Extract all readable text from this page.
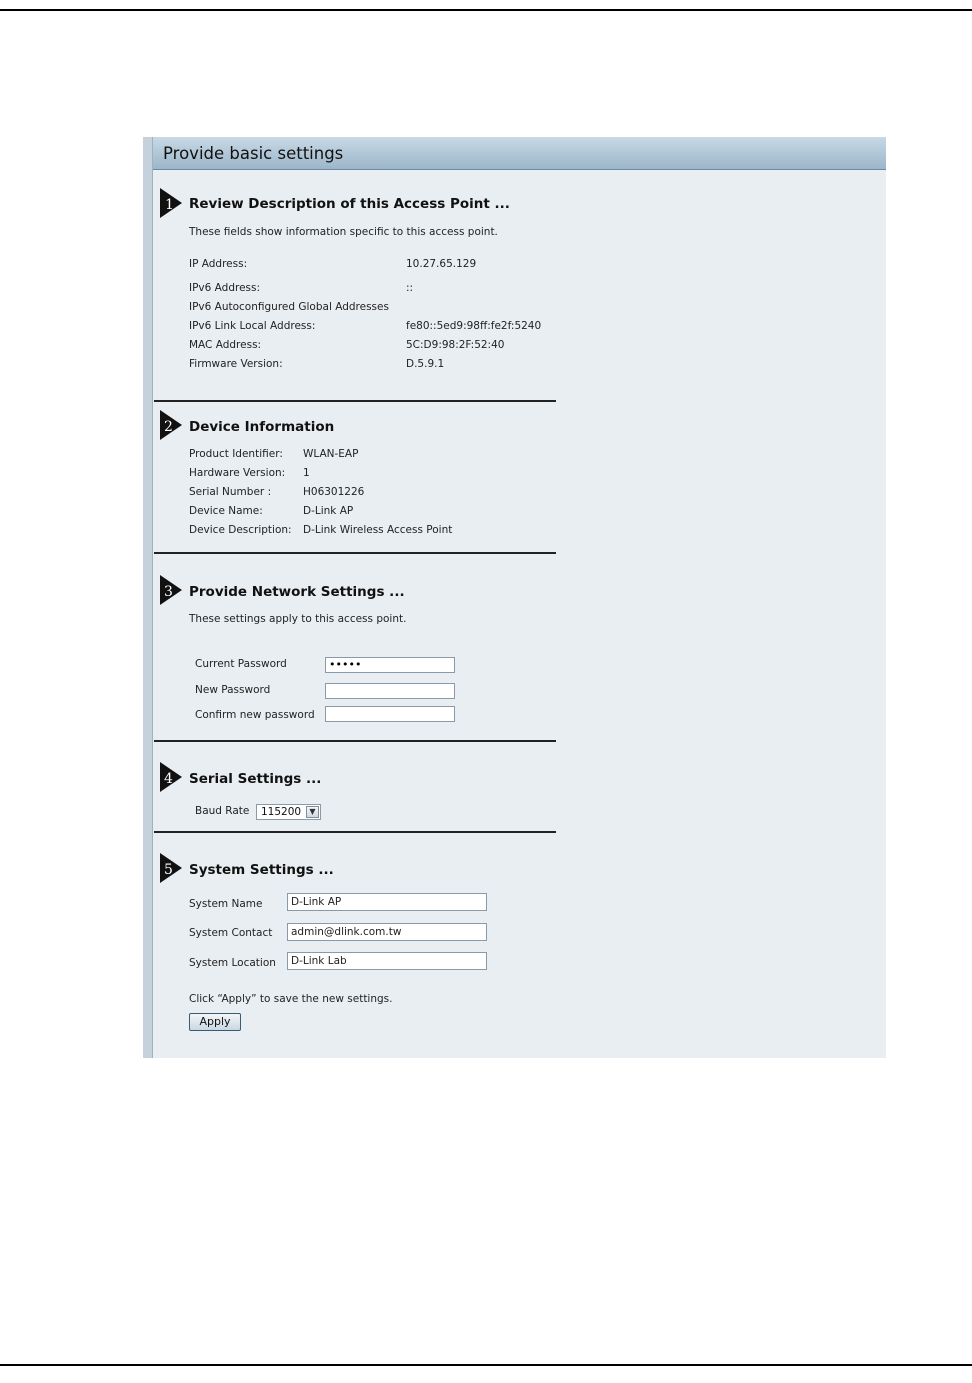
Provide basic settings
1 Review Description of this Access Point ...
These fields show information specific to this access point.
IP Address:	10.27.65.129
IPv6 Address:	::
IPv6 Autoconfigured Global Addresses
IPv6 Link Local Address:	fe80::5ed9:98ff:fe2f:5240
MAC Address:	5C:D9:98:2F:52:40
Firmware Version:	D.5.9.1
2 Device Information
Product Identifier: WLAN-EAP
Hardware Version: 1
Serial Number :	H06301226
Device Name:	D-Link AP
Device Description: D-Link Wireless Access Point
3 Provide Network Settings ...
These settings apply to this access point.
Current Password	•••••
New Password
Confirm new password
4 Serial Settings ...
Baud Rate 115200	▼
5 System Settings ...
System Name	D-Link AP
System Contact	admin@dlink.com.tw
System Location	D-Link Lab
Click “Apply” to save the new settings.
Apply
